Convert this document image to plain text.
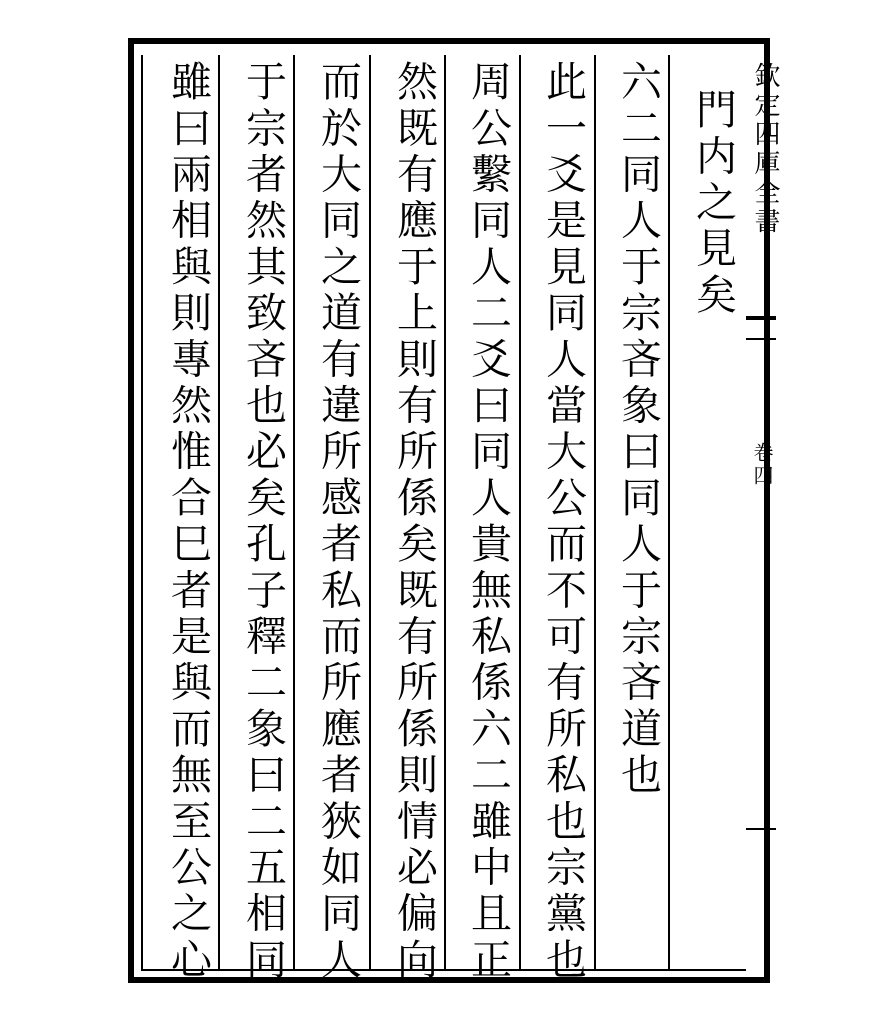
門内之見矣
六二同人于宗吝象曰同人于宗吝道也
此一爻是見同人當大公而不可有所私也宗黨也
周公繫同人二爻曰同人貴無私係六二雖中且正
然既有應于上則有所係矣既有所係則情必偏向
而於大同之道有違所感者私而所應者狹如同人
于宗者然其致吝也必矣孔子釋二象曰二五相同
雖曰兩相與則專然惟合巳者是與而無至公之心	欽定四庫全書
卷四
